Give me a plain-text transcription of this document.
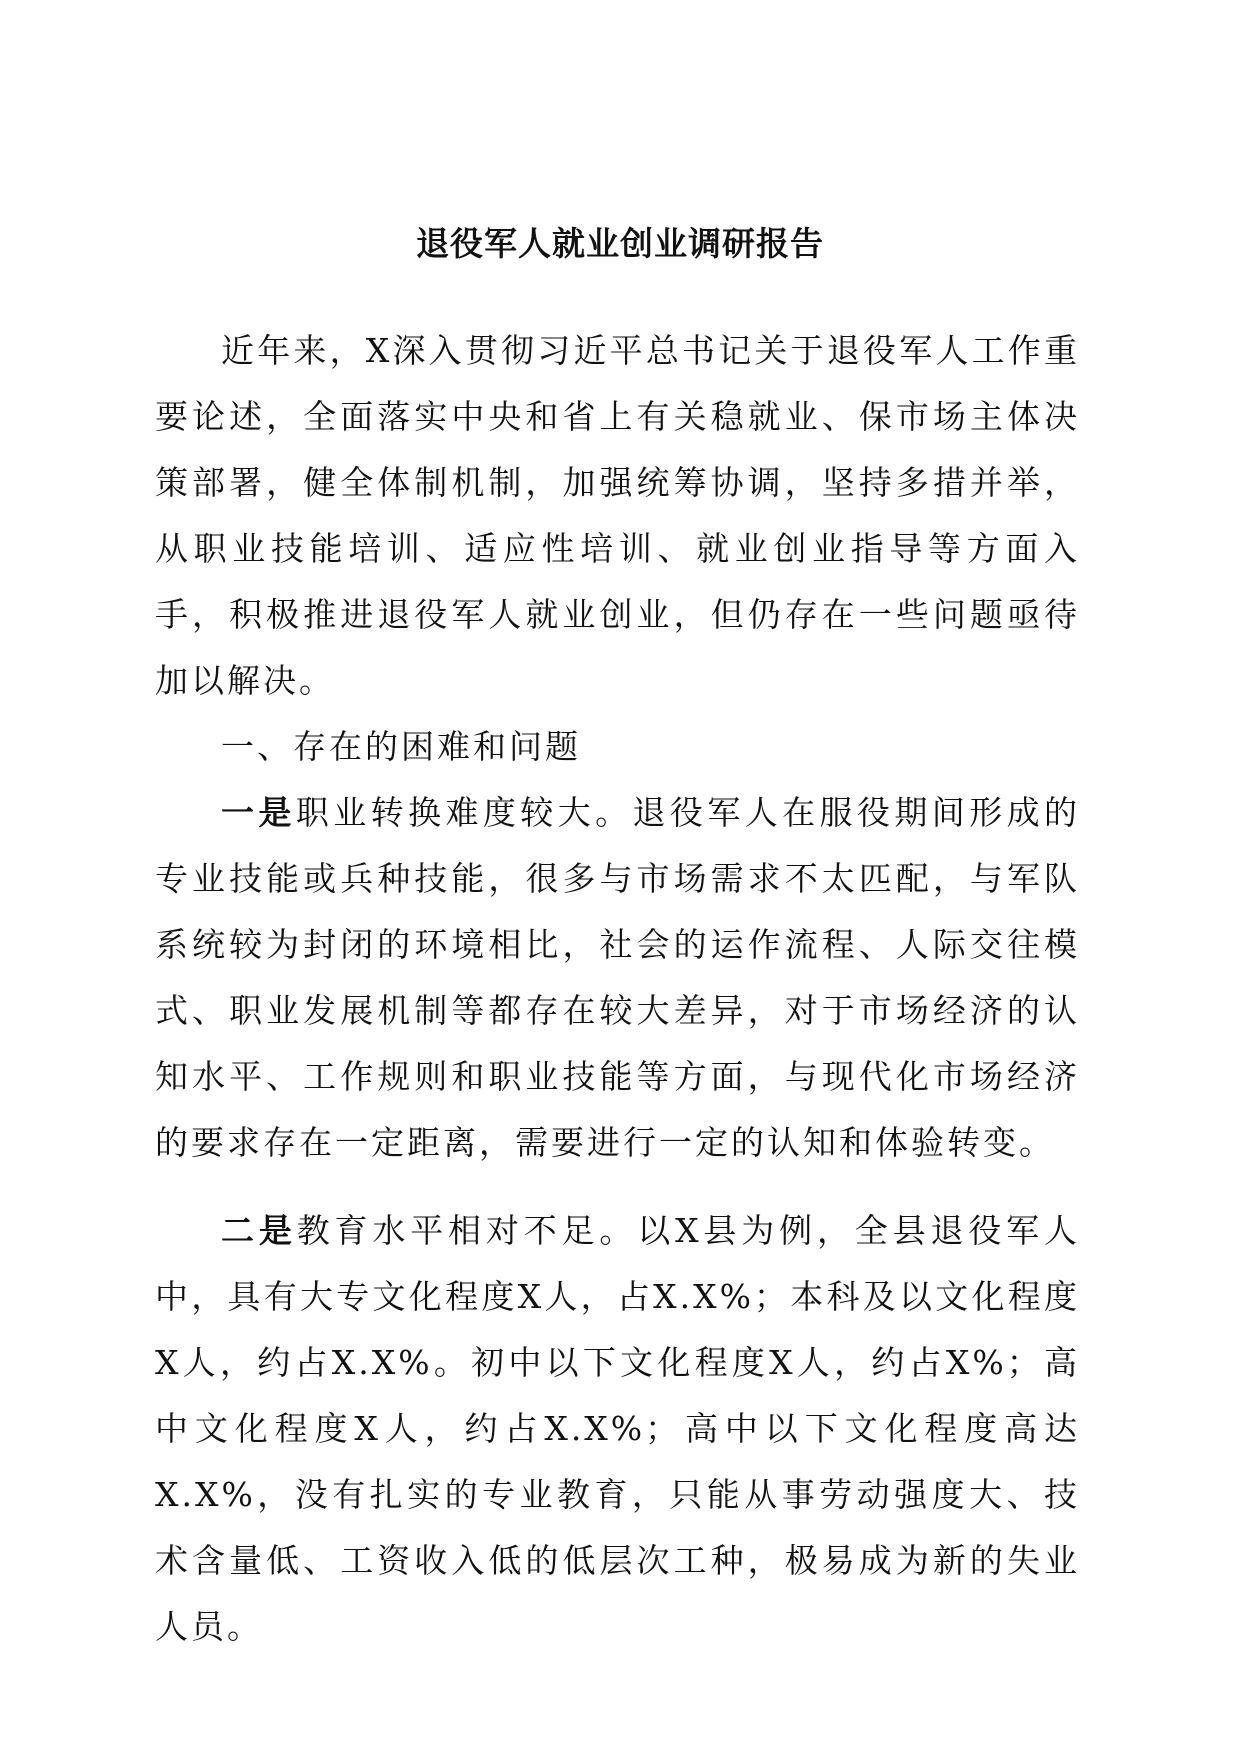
退役军人就业创业调研报告

近年来，X深入贯彻习近平总书记关于退役军人工作重要论述，全面落实中央和省上有关稳就业、保市场主体决策部署，健全体制机制，加强统筹协调，坚持多措并举，从职业技能培训、适应性培训、就业创业指导等方面入手，积极推进退役军人就业创业，但仍存在一些问题亟待加以解决。

一、存在的困难和问题

一是职业转换难度较大。退役军人在服役期间形成的专业技能或兵种技能，很多与市场需求不太匹配，与军队系统较为封闭的环境相比，社会的运作流程、人际交往模式、职业发展机制等都存在较大差异，对于市场经济的认知水平、工作规则和职业技能等方面，与现代化市场经济的要求存在一定距离，需要进行一定的认知和体验转变。

二是教育水平相对不足。以X县为例，全县退役军人中，具有大专文化程度X人，占X.X%；本科及以文化程度X人，约占X.X%。初中以下文化程度X人，约占X%；高中文化程度X人，约占X.X%；高中以下文化程度高达X.X%，没有扎实的专业教育，只能从事劳动强度大、技术含量低、工资收入低的低层次工种，极易成为新的失业人员。
